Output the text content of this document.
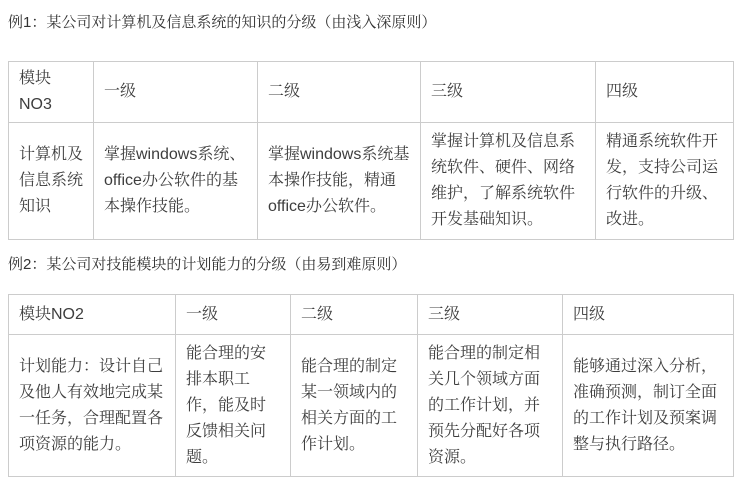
例1：某公司对计算机及信息系统的知识的分级（由浅入深原则）

模块NO3	一级	二级	三级	四级
计算机及信息系统知识	掌握windows系统、office办公软件的基本操作技能。	掌握windows系统基本操作技能，精通office办公软件。	掌握计算机及信息系统软件、硬件、网络维护，了解系统软件开发基础知识。	精通系统软件开发，支持公司运行软件的升级、改进。

例2：某公司对技能模块的计划能力的分级（由易到难原则）

模块NO2	一级	二级	三级	四级
计划能力：设计自己及他人有效地完成某一任务，合理配置各项资源的能力。	能合理的安排本职工作，能及时反馈相关问题。	能合理的制定某一领域内的相关方面的工作计划。	能合理的制定相关几个领域方面的工作计划，并预先分配好各项资源。	能够通过深入分析，准确预测，制订全面的工作计划及预案调整与执行路径。
